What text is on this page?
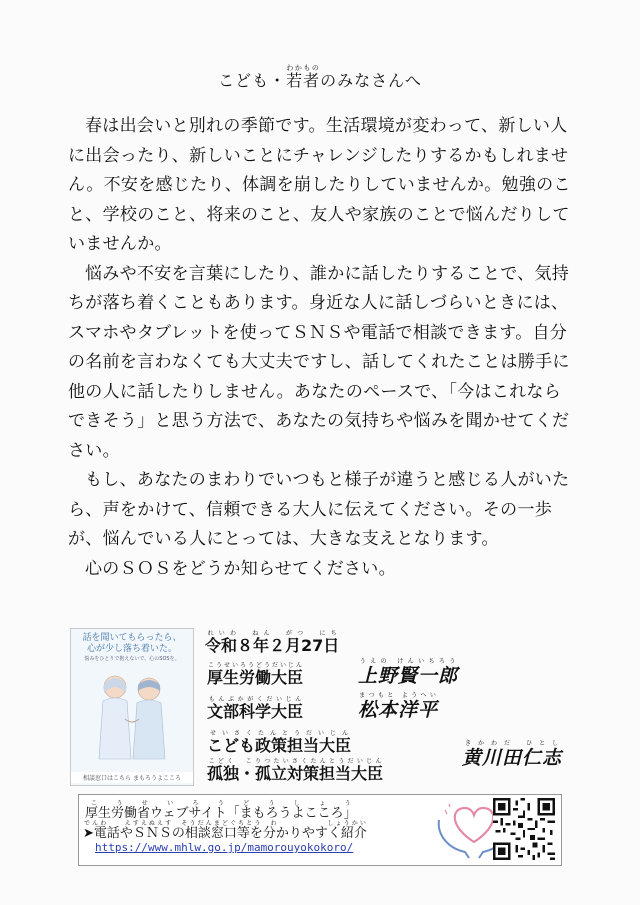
こども・若者わかもののみなさんへ

春は出会いと別れの季節です。生活環境が変わって、新しい人に出会ったり、新しいことにチャレンジしたりするかもしれません。不安を感じたり、体調を崩したりしていませんか。勉強のこと、学校のこと、将来のこと、友人や家族のことで悩んだりしていませんか。

悩みや不安を言葉にしたり、誰かに話したりすることで、気持ちが落ち着くこともあります。身近な人に話しづらいときには、スマホやタブレットを使ってＳＮＳや電話で相談できます。自分の名前を言わなくても大丈夫ですし、話してくれたことは勝手に他の人に話したりしません。あなたのペースで、「今はこれならできそう」と思う方法で、あなたの気持ちや悩みを聞かせてください。

もし、あなたのまわりでいつもと様子が違うと感じる人がいたら、声をかけて、信頼できる大人に伝えてください。その一歩が、悩んでいる人にとっては、大きな支えとなります。

心のＳＯＳをどうか知らせてください。

話を聞いてもらったら、
心が少し落ち着いた。
悩みをひとりで抱えないで、心のSOSを。
相談窓口はこちら まもろうよこころ
令和８年２月27日れいわ　ねん　がつ　にち
厚生労働大臣こうせいろうどうだいじん	上野賢一郎うえの けんいちろう
文部科学大臣もんぶかがくだいじん	松本洋平まつもと ようへい
こども政策担当大臣せいさくたんとうだいじん
孤独・孤立対策担当大臣こどく　こりつたいさくたんとうだいじん	黄川田仁志きかわだ ひとし
厚生労働省ウェブサイト「まもろうよこころ」こうせいろうどうしょう
➤電話やＳＮＳの相談窓口等を分かりやすく紹介でんわ　　えすえぬえす　そうだんまどぐちとう　わ　　　　　　しょうかい
https://www.mhlw.go.jp/mamorouyokokoro/
